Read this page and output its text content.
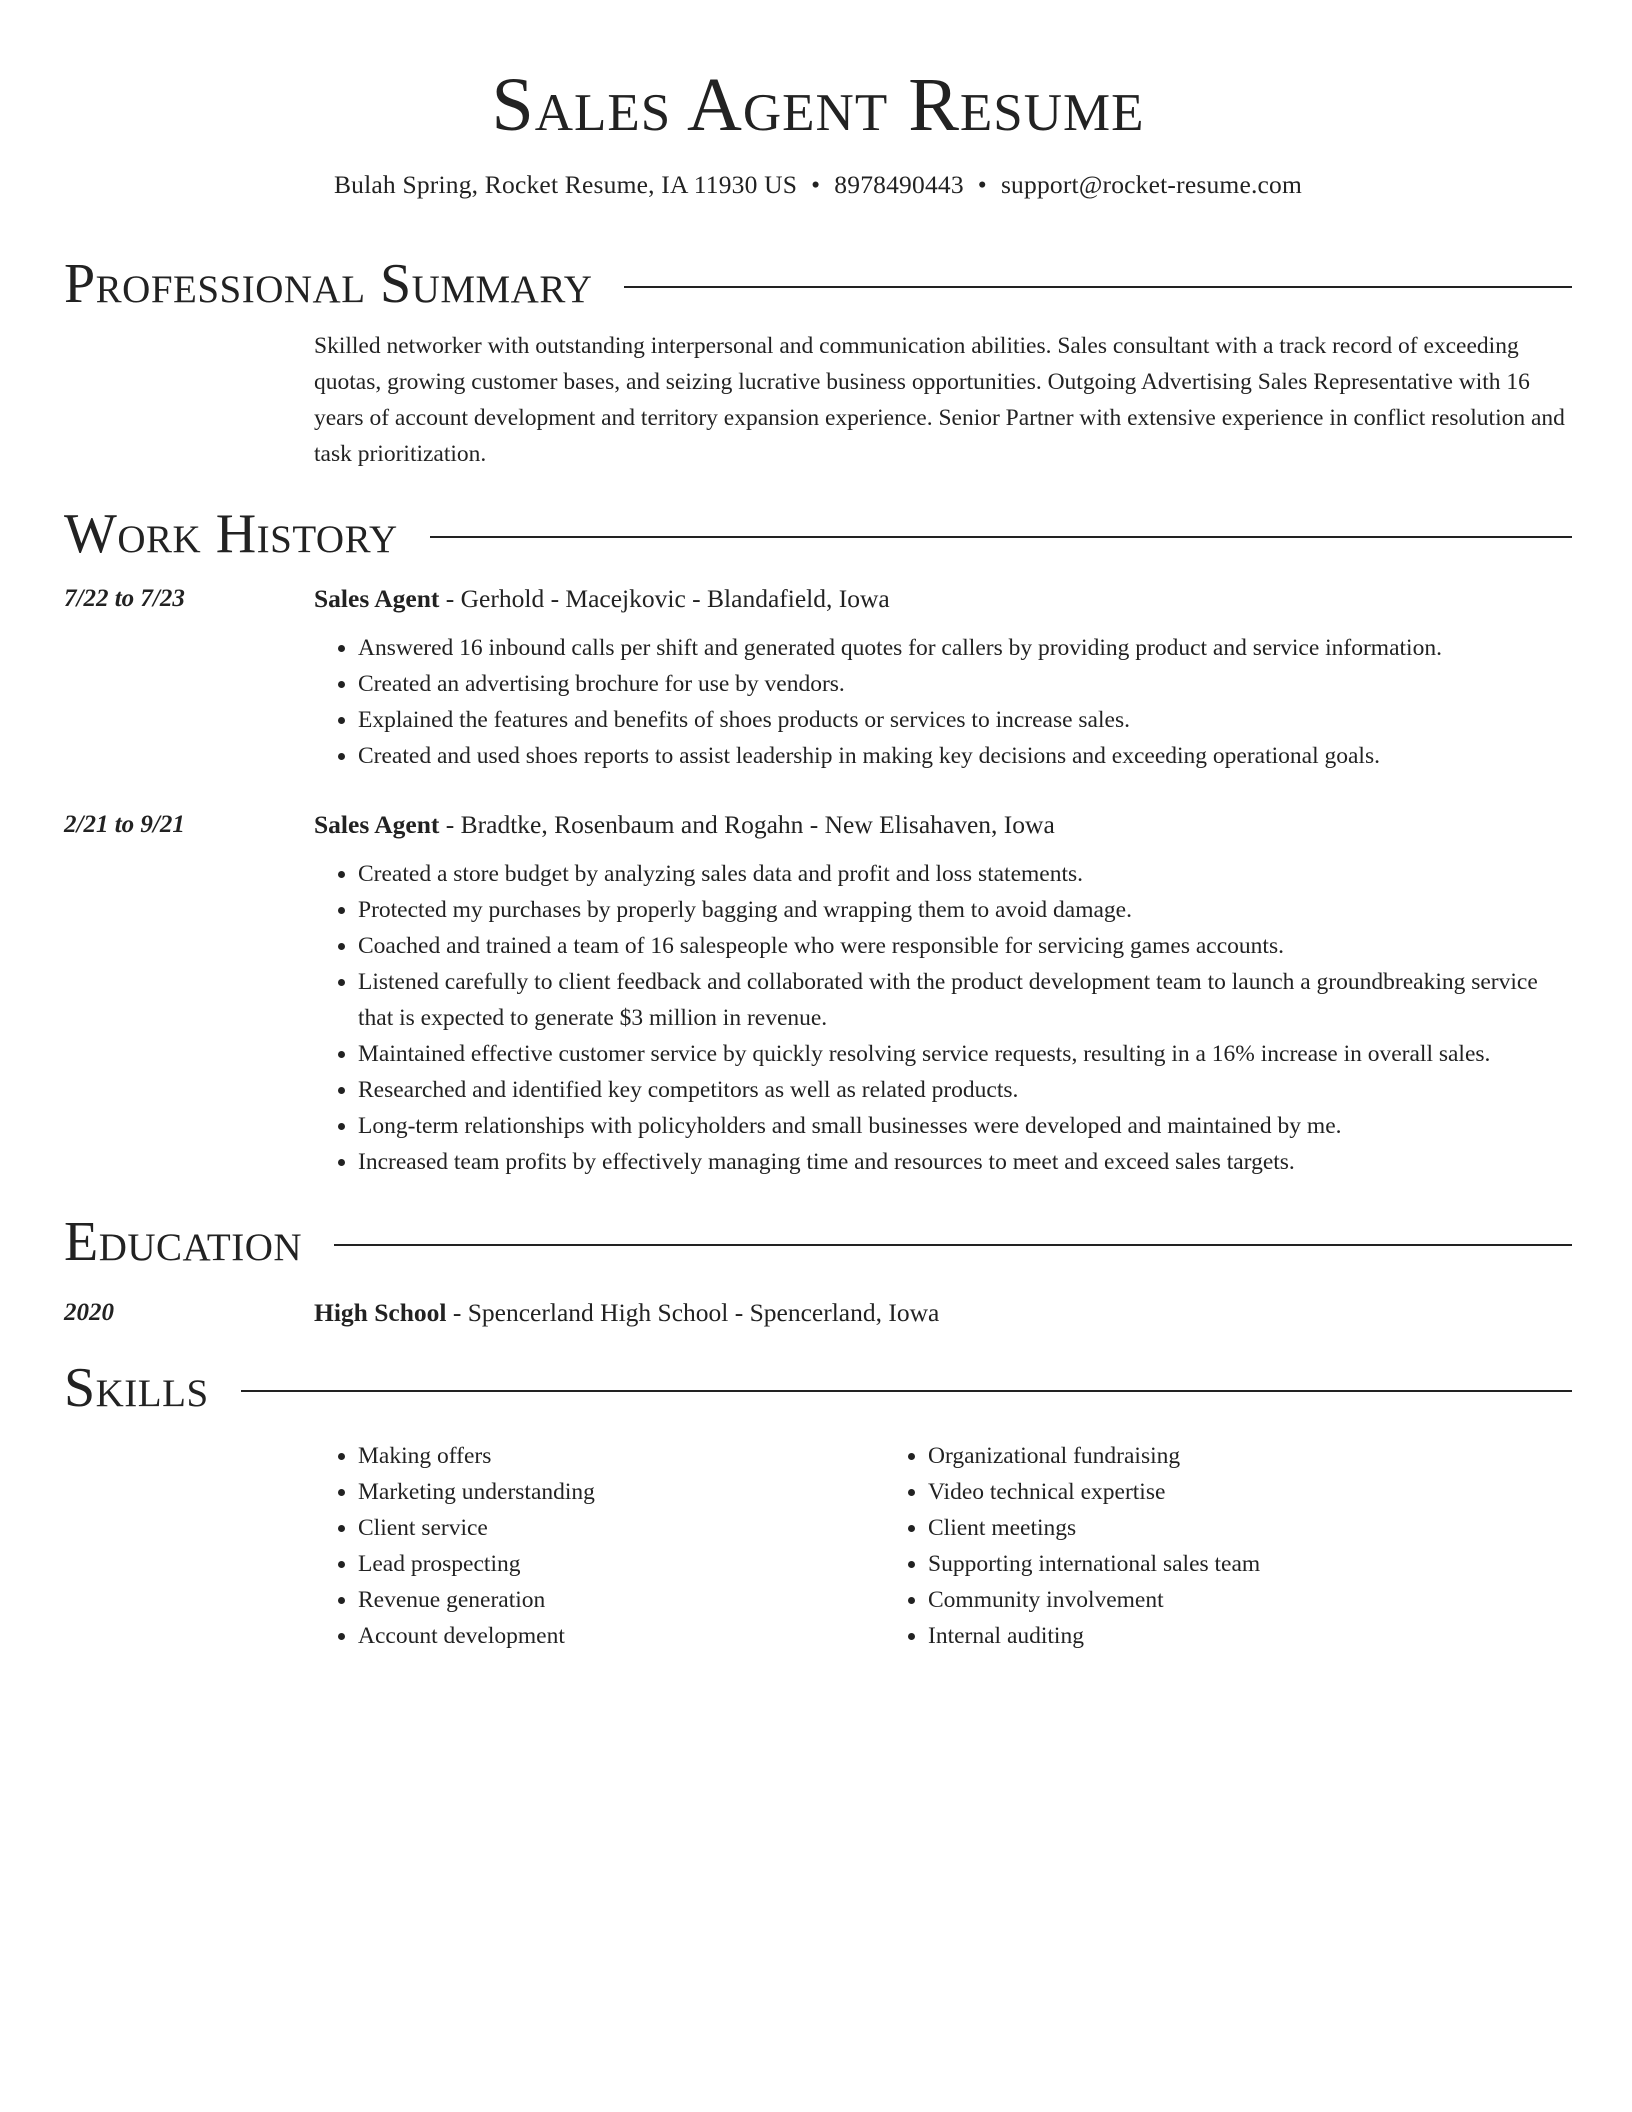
Sales Agent Resume
Bulah Spring, Rocket Resume, IA 11930 US • 8978490443 • support@rocket-resume.com
Professional Summary

Skilled networker with outstanding interpersonal and communication abilities. Sales consultant with a track record of exceeding quotas, growing customer bases, and seizing lucrative business opportunities. Outgoing Advertising Sales Representative with 16 years of account development and territory expansion experience. Senior Partner with extensive experience in conflict resolution and task prioritization.

Work History
7/22 to 7/23	Sales Agent - Gerhold - Macejkovic - Blandafield, Iowa
• Answered 16 inbound calls per shift and generated quotes for callers by providing product and service information.
• Created an advertising brochure for use by vendors.
• Explained the features and benefits of shoes products or services to increase sales.
• Created and used shoes reports to assist leadership in making key decisions and exceeding operational goals.
2/21 to 9/21	Sales Agent - Bradtke, Rosenbaum and Rogahn - New Elisahaven, Iowa
• Created a store budget by analyzing sales data and profit and loss statements.
• Protected my purchases by properly bagging and wrapping them to avoid damage.
• Coached and trained a team of 16 salespeople who were responsible for servicing games accounts.
• Listened carefully to client feedback and collaborated with the product development team to launch a groundbreaking service that is expected to generate $3 million in revenue.
• Maintained effective customer service by quickly resolving service requests, resulting in a 16% increase in overall sales.
• Researched and identified key competitors as well as related products.
• Long-term relationships with policyholders and small businesses were developed and maintained by me.
• Increased team profits by effectively managing time and resources to meet and exceed sales targets.
Education
2020	High School - Spencerland High School - Spencerland, Iowa
Skills
• Making offers
• Marketing understanding
• Client service
• Lead prospecting
• Revenue generation
• Account development
• Organizational fundraising
• Video technical expertise
• Client meetings
• Supporting international sales team
• Community involvement
• Internal auditing
